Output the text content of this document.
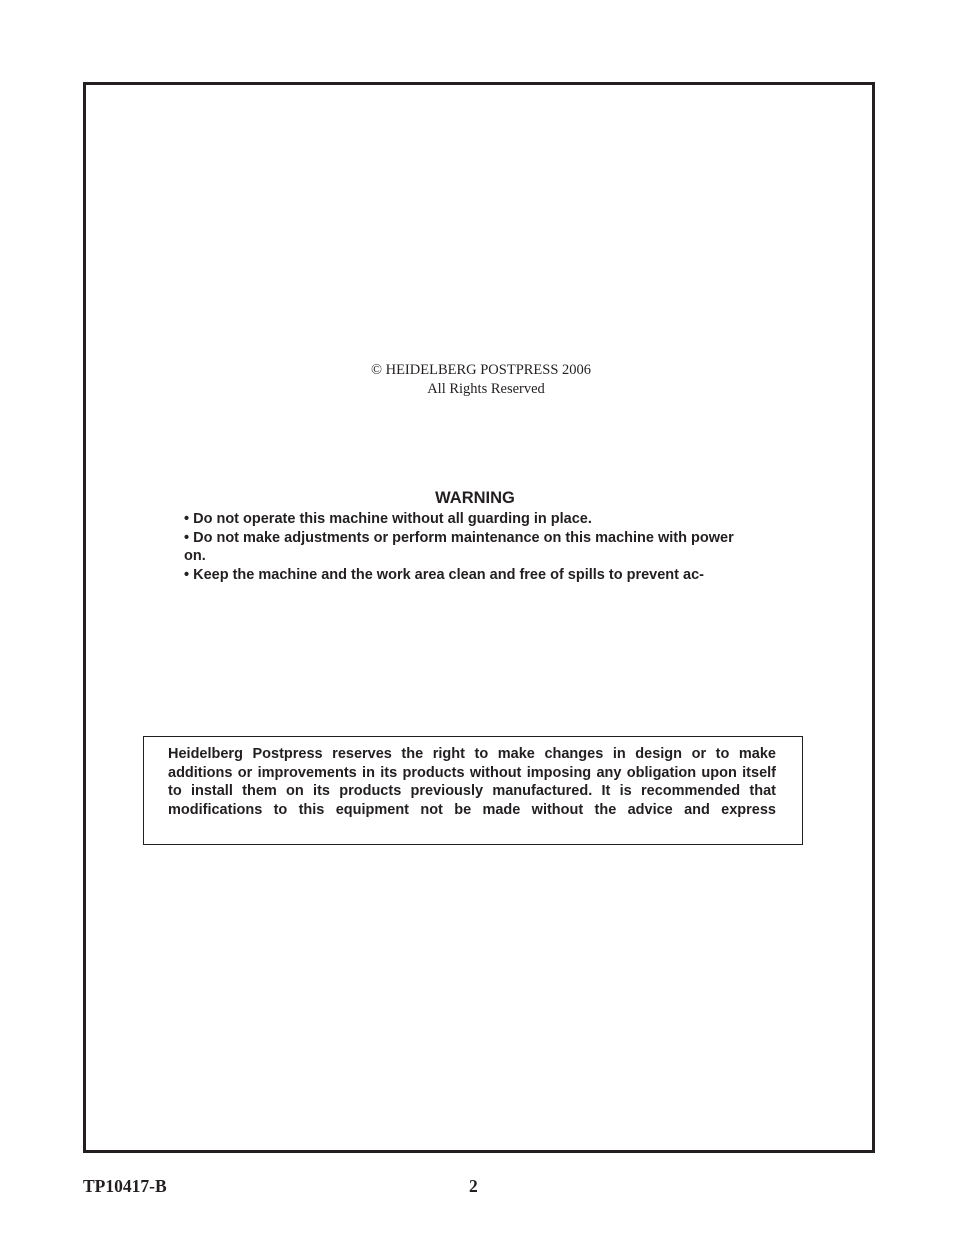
© HEIDELBERG POSTPRESS 2006
All Rights Reserved
WARNING

• Do not operate this machine without all guarding in place.

• Do not make adjustments or perform maintenance on this machine with power on.

• Keep the machine and the work area clean and free of spills to prevent ac-

Heidelberg Postpress reserves the right to make changes in design or to make additions or improvements in its products without imposing any obligation upon itself to install them on its products previously manufactured. It is recommended that modifications to this equipment not be made without the advice and express
TP10417-B	2
